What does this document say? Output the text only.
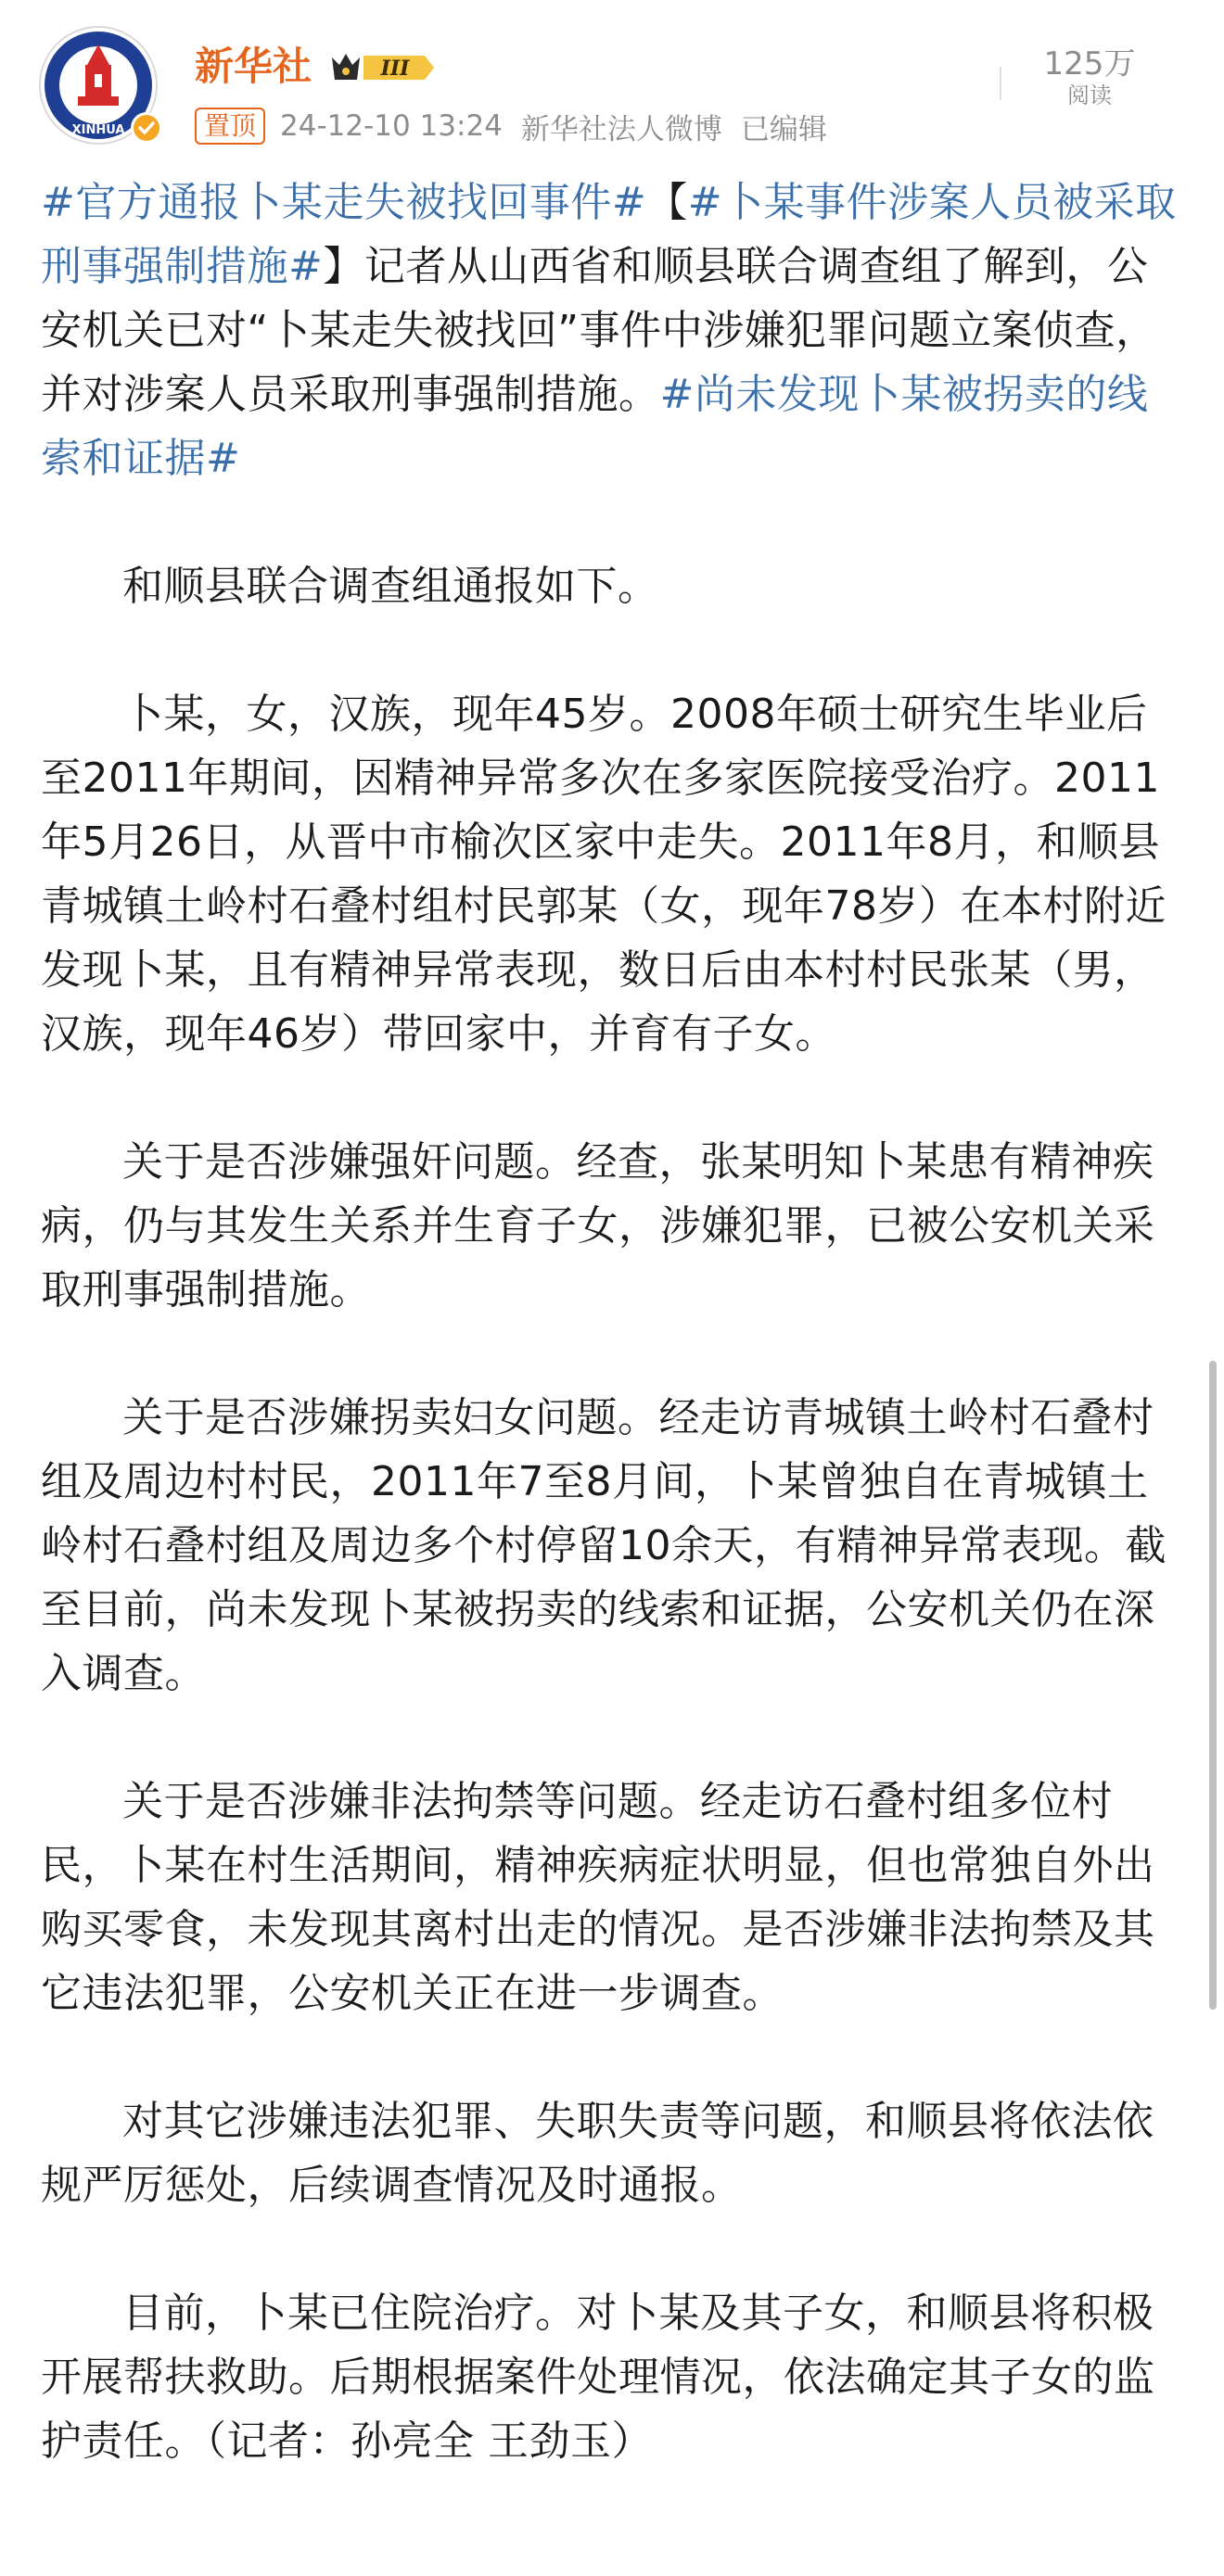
XINHUA
新华社	III
置顶 24-12-10 13:24 新华社法人微博 已编辑
125万
阅读

#官方通报卜某走失被找回事件#【#卜某事件涉案人员被采取刑事强制措施#】记者从山西省和顺县联合调查组了解到，公安机关已对“卜某走失被找回”事件中涉嫌犯罪问题立案侦查，并对涉案人员采取刑事强制措施。#尚未发现卜某被拐卖的线索和证据#

和顺县联合调查组通报如下。

卜某，女，汉族，现年45岁。2008年硕士研究生毕业后至2011年期间，因精神异常多次在多家医院接受治疗。2011年5月26日，从晋中市榆次区家中走失。2011年8月，和顺县青城镇土岭村石叠村组村民郭某（女，现年78岁）在本村附近发现卜某，且有精神异常表现，数日后由本村村民张某（男，汉族，现年46岁）带回家中，并育有子女。

关于是否涉嫌强奸问题。经查，张某明知卜某患有精神疾病，仍与其发生关系并生育子女，涉嫌犯罪，已被公安机关采取刑事强制措施。

关于是否涉嫌拐卖妇女问题。经走访青城镇土岭村石叠村组及周边村村民，2011年7至8月间，卜某曾独自在青城镇土岭村石叠村组及周边多个村停留10余天，有精神异常表现。截至目前，尚未发现卜某被拐卖的线索和证据，公安机关仍在深入调查。

关于是否涉嫌非法拘禁等问题。经走访石叠村组多位村民，卜某在村生活期间，精神疾病症状明显，但也常独自外出购买零食，未发现其离村出走的情况。是否涉嫌非法拘禁及其它违法犯罪，公安机关正在进一步调查。

对其它涉嫌违法犯罪、失职失责等问题，和顺县将依法依规严厉惩处，后续调查情况及时通报。

目前，卜某已住院治疗。对卜某及其子女，和顺县将积极开展帮扶救助。后期根据案件处理情况，依法确定其子女的监护责任。（记者：孙亮全 王劲玉）
